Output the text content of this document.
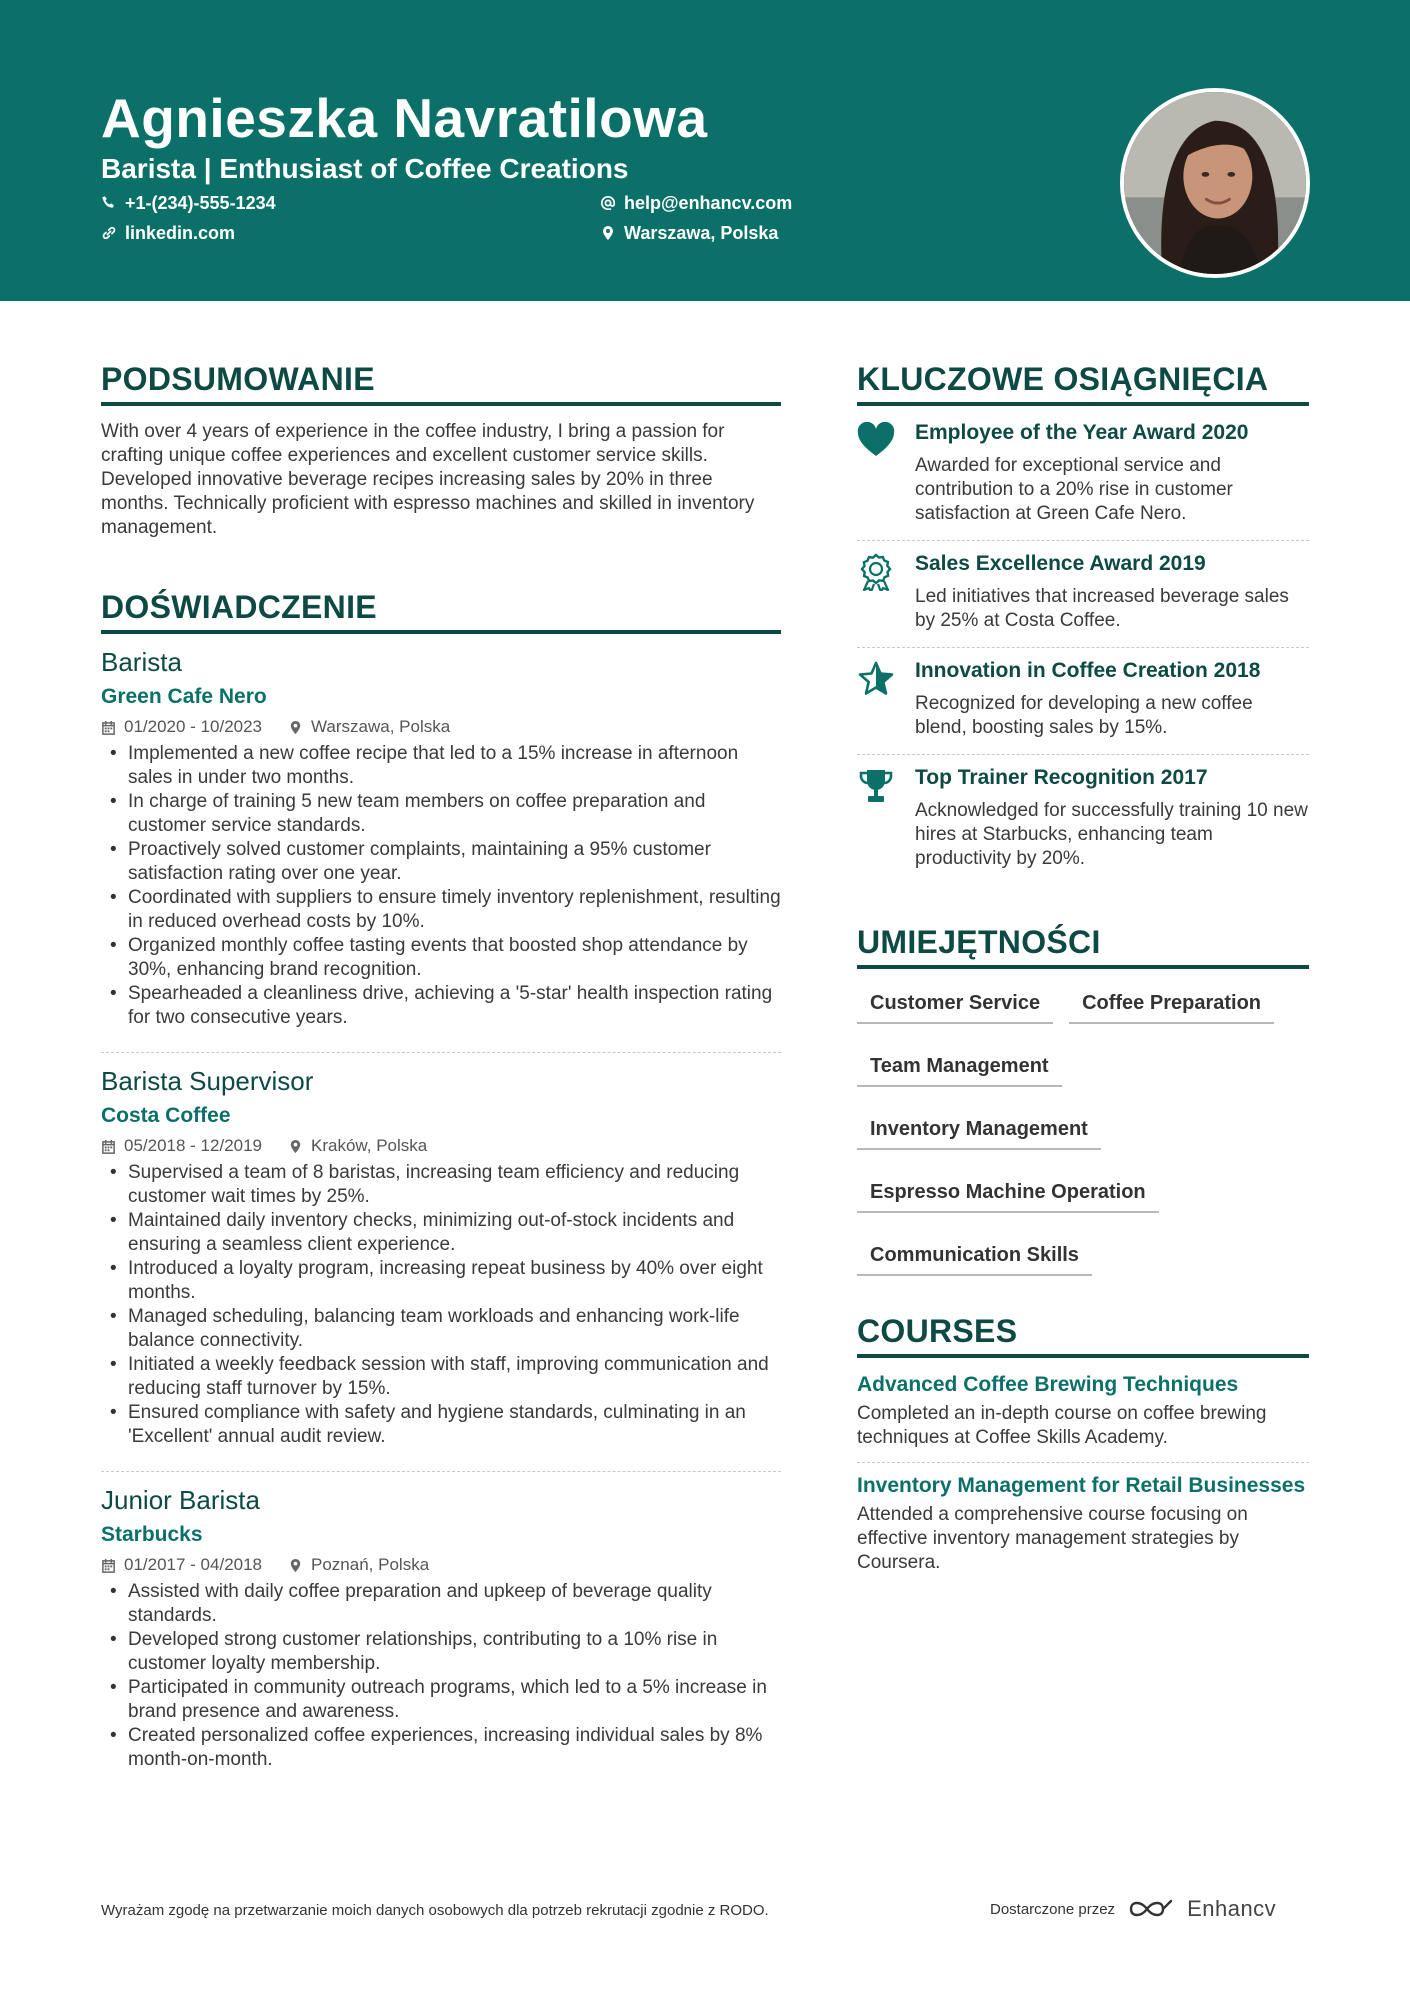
Agnieszka Navratilowa
Barista | Enthusiast of Coffee Creations
+1-(234)-555-1234
linkedin.com
help@enhancv.com
Warszawa, Polska
PODSUMOWANIE
With over 4 years of experience in the coffee industry, I bring a passion for crafting unique coffee experiences and excellent customer service skills. Developed innovative beverage recipes increasing sales by 20% in three months. Technically proficient with espresso machines and skilled in inventory management.
DOŚWIADCZENIE
Barista
Green Cafe Nero
01/2020 - 10/2023	Warszawa, Polska
• Implemented a new coffee recipe that led to a 15% increase in afternoon sales in under two months.
• In charge of training 5 new team members on coffee preparation and customer service standards.
• Proactively solved customer complaints, maintaining a 95% customer satisfaction rating over one year.
• Coordinated with suppliers to ensure timely inventory replenishment, resulting in reduced overhead costs by 10%.
• Organized monthly coffee tasting events that boosted shop attendance by 30%, enhancing brand recognition.
• Spearheaded a cleanliness drive, achieving a '5-star' health inspection rating for two consecutive years.
Barista Supervisor
Costa Coffee
05/2018 - 12/2019	Kraków, Polska
• Supervised a team of 8 baristas, increasing team efficiency and reducing customer wait times by 25%.
• Maintained daily inventory checks, minimizing out-of-stock incidents and ensuring a seamless client experience.
• Introduced a loyalty program, increasing repeat business by 40% over eight months.
• Managed scheduling, balancing team workloads and enhancing work-life balance connectivity.
• Initiated a weekly feedback session with staff, improving communication and reducing staff turnover by 15%.
• Ensured compliance with safety and hygiene standards, culminating in an 'Excellent' annual audit review.
Junior Barista
Starbucks
01/2017 - 04/2018	Poznań, Polska
• Assisted with daily coffee preparation and upkeep of beverage quality standards.
• Developed strong customer relationships, contributing to a 10% rise in customer loyalty membership.
• Participated in community outreach programs, which led to a 5% increase in brand presence and awareness.
• Created personalized coffee experiences, increasing individual sales by 8% month-on-month.
KLUCZOWE OSIĄGNIĘCIA
Employee of the Year Award 2020
Awarded for exceptional service and contribution to a 20% rise in customer satisfaction at Green Cafe Nero.
Sales Excellence Award 2019
Led initiatives that increased beverage sales by 25% at Costa Coffee.
Innovation in Coffee Creation 2018
Recognized for developing a new coffee blend, boosting sales by 15%.
Top Trainer Recognition 2017
Acknowledged for successfully training 10 new hires at Starbucks, enhancing team productivity by 20%.
UMIEJĘTNOŚCI
Customer Service	Coffee Preparation
Team Management
Inventory Management
Espresso Machine Operation
Communication Skills
COURSES
Advanced Coffee Brewing Techniques
Completed an in-depth course on coffee brewing techniques at Coffee Skills Academy.
Inventory Management for Retail Businesses
Attended a comprehensive course focusing on effective inventory management strategies by Coursera.
Wyrażam zgodę na przetwarzanie moich danych osobowych dla potrzeb rekrutacji zgodnie z RODO.	Dostarczone przez	Enhancv
